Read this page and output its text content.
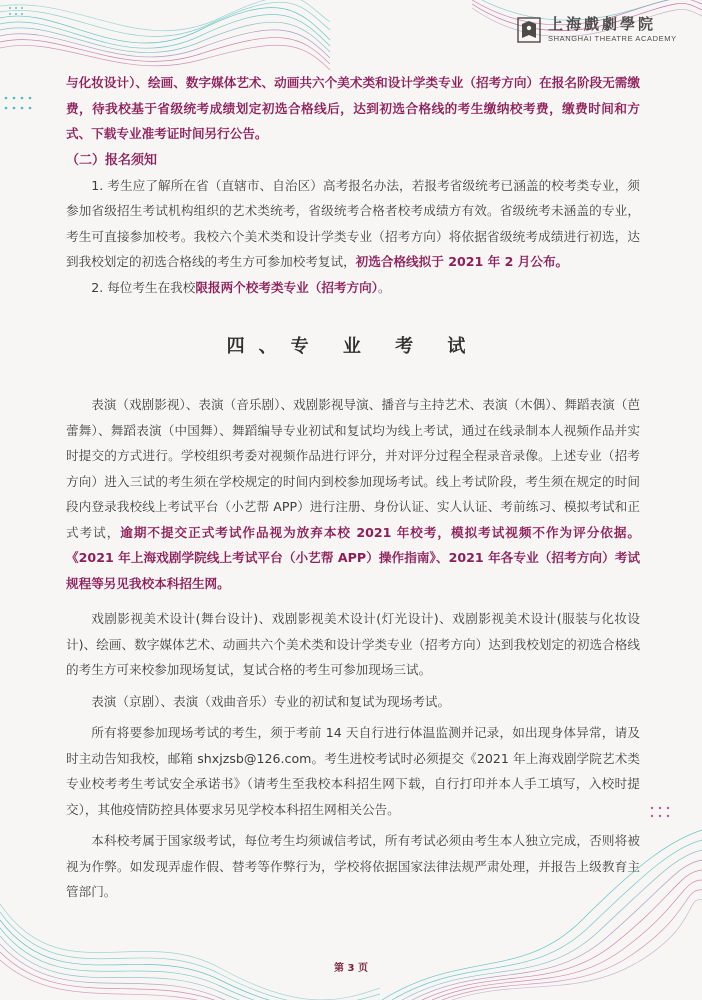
上海戲劇學院
SHANGHAI THEATRE ACADEMY

与化妆设计）、绘画、数字媒体艺术、动画共六个美术类和设计学类专业（招考方向）在报名阶段无需缴费，待我校基于省级统考成绩划定初选合格线后，达到初选合格线的考生缴纳校考费，缴费时间和方式、下载专业准考证时间另行公告。

（二）报名须知

1. 考生应了解所在省（直辖市、自治区）高考报名办法，若报考省级统考已涵盖的校考类专业，须参加省级招生考试机构组织的艺术类统考，省级统考合格者校考成绩方有效。省级统考未涵盖的专业，考生可直接参加校考。我校六个美术类和设计学类专业（招考方向）将依据省级统考成绩进行初选，达到我校划定的初选合格线的考生方可参加校考复试，初选合格线拟于 2021 年 2 月公布。

2. 每位考生在我校限报两个校考类专业（招考方向）。

四、专 业 考 试

表演（戏剧影视）、表演（音乐剧）、戏剧影视导演、播音与主持艺术、表演（木偶）、舞蹈表演（芭蕾舞）、舞蹈表演（中国舞）、舞蹈编导专业初试和复试均为线上考试，通过在线录制本人视频作品并实时提交的方式进行。学校组织考委对视频作品进行评分，并对评分过程全程录音录像。上述专业（招考方向）进入三试的考生须在学校规定的时间内到校参加现场考试。线上考试阶段，考生须在规定的时间段内登录我校线上考试平台（小艺帮 APP）进行注册、身份认证、实人认证、考前练习、模拟考试和正式考试，逾期不提交正式考试作品视为放弃本校 2021 年校考，模拟考试视频不作为评分依据。《2021 年上海戏剧学院线上考试平台（小艺帮 APP）操作指南》、2021 年各专业（招考方向）考试规程等另见我校本科招生网。

戏剧影视美术设计(舞台设计)、戏剧影视美术设计(灯光设计)、戏剧影视美术设计(服装与化妆设计)、绘画、数字媒体艺术、动画共六个美术类和设计学类专业（招考方向）达到我校划定的初选合格线的考生方可来校参加现场复试，复试合格的考生可参加现场三试。

表演（京剧）、表演（戏曲音乐）专业的初试和复试为现场考试。

所有将要参加现场考试的考生，须于考前 14 天自行进行体温监测并记录，如出现身体异常，请及时主动告知我校，邮箱 shxjzsb@126.com。考生进校考试时必须提交《2021 年上海戏剧学院艺术类专业校考考生考试安全承诺书》（请考生至我校本科招生网下载，自行打印并本人手工填写，入校时提交），其他疫情防控具体要求另见学校本科招生网相关公告。

本科校考属于国家级考试，每位考生均须诚信考试，所有考试必须由考生本人独立完成，否则将被视为作弊。如发现弄虚作假、替考等作弊行为，学校将依据国家法律法规严肃处理，并报告上级教育主管部门。

第 3 页
